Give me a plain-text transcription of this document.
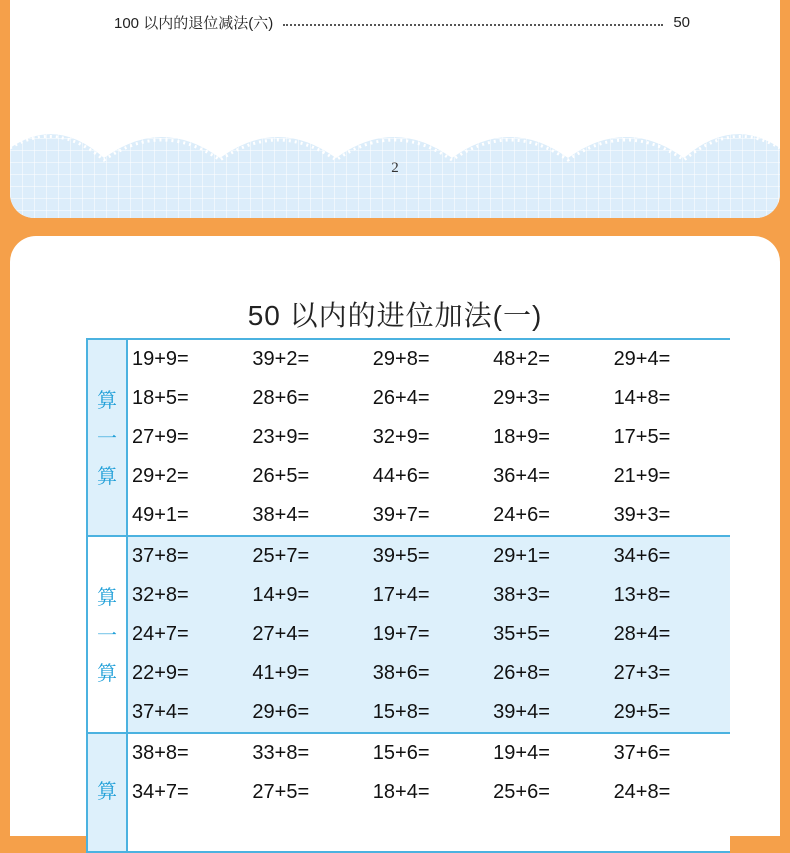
100 以内的退位减法(六)	50
2
50 以内的进位加法(一)
算
一
算
19+9=	39+2=	29+8=	48+2=	29+4=
18+5=	28+6=	26+4=	29+3=	14+8=
27+9=	23+9=	32+9=	18+9=	17+5=
29+2=	26+5=	44+6=	36+4=	21+9=
49+1=	38+4=	39+7=	24+6=	39+3=
算
一
算
37+8=	25+7=	39+5=	29+1=	34+6=
32+8=	14+9=	17+4=	38+3=	13+8=
24+7=	27+4=	19+7=	35+5=	28+4=
22+9=	41+9=	38+6=	26+8=	27+3=
37+4=	29+6=	15+8=	39+4=	29+5=
算
38+8=	33+8=	15+6=	19+4=	37+6=
34+7=	27+5=	18+4=	25+6=	24+8=
